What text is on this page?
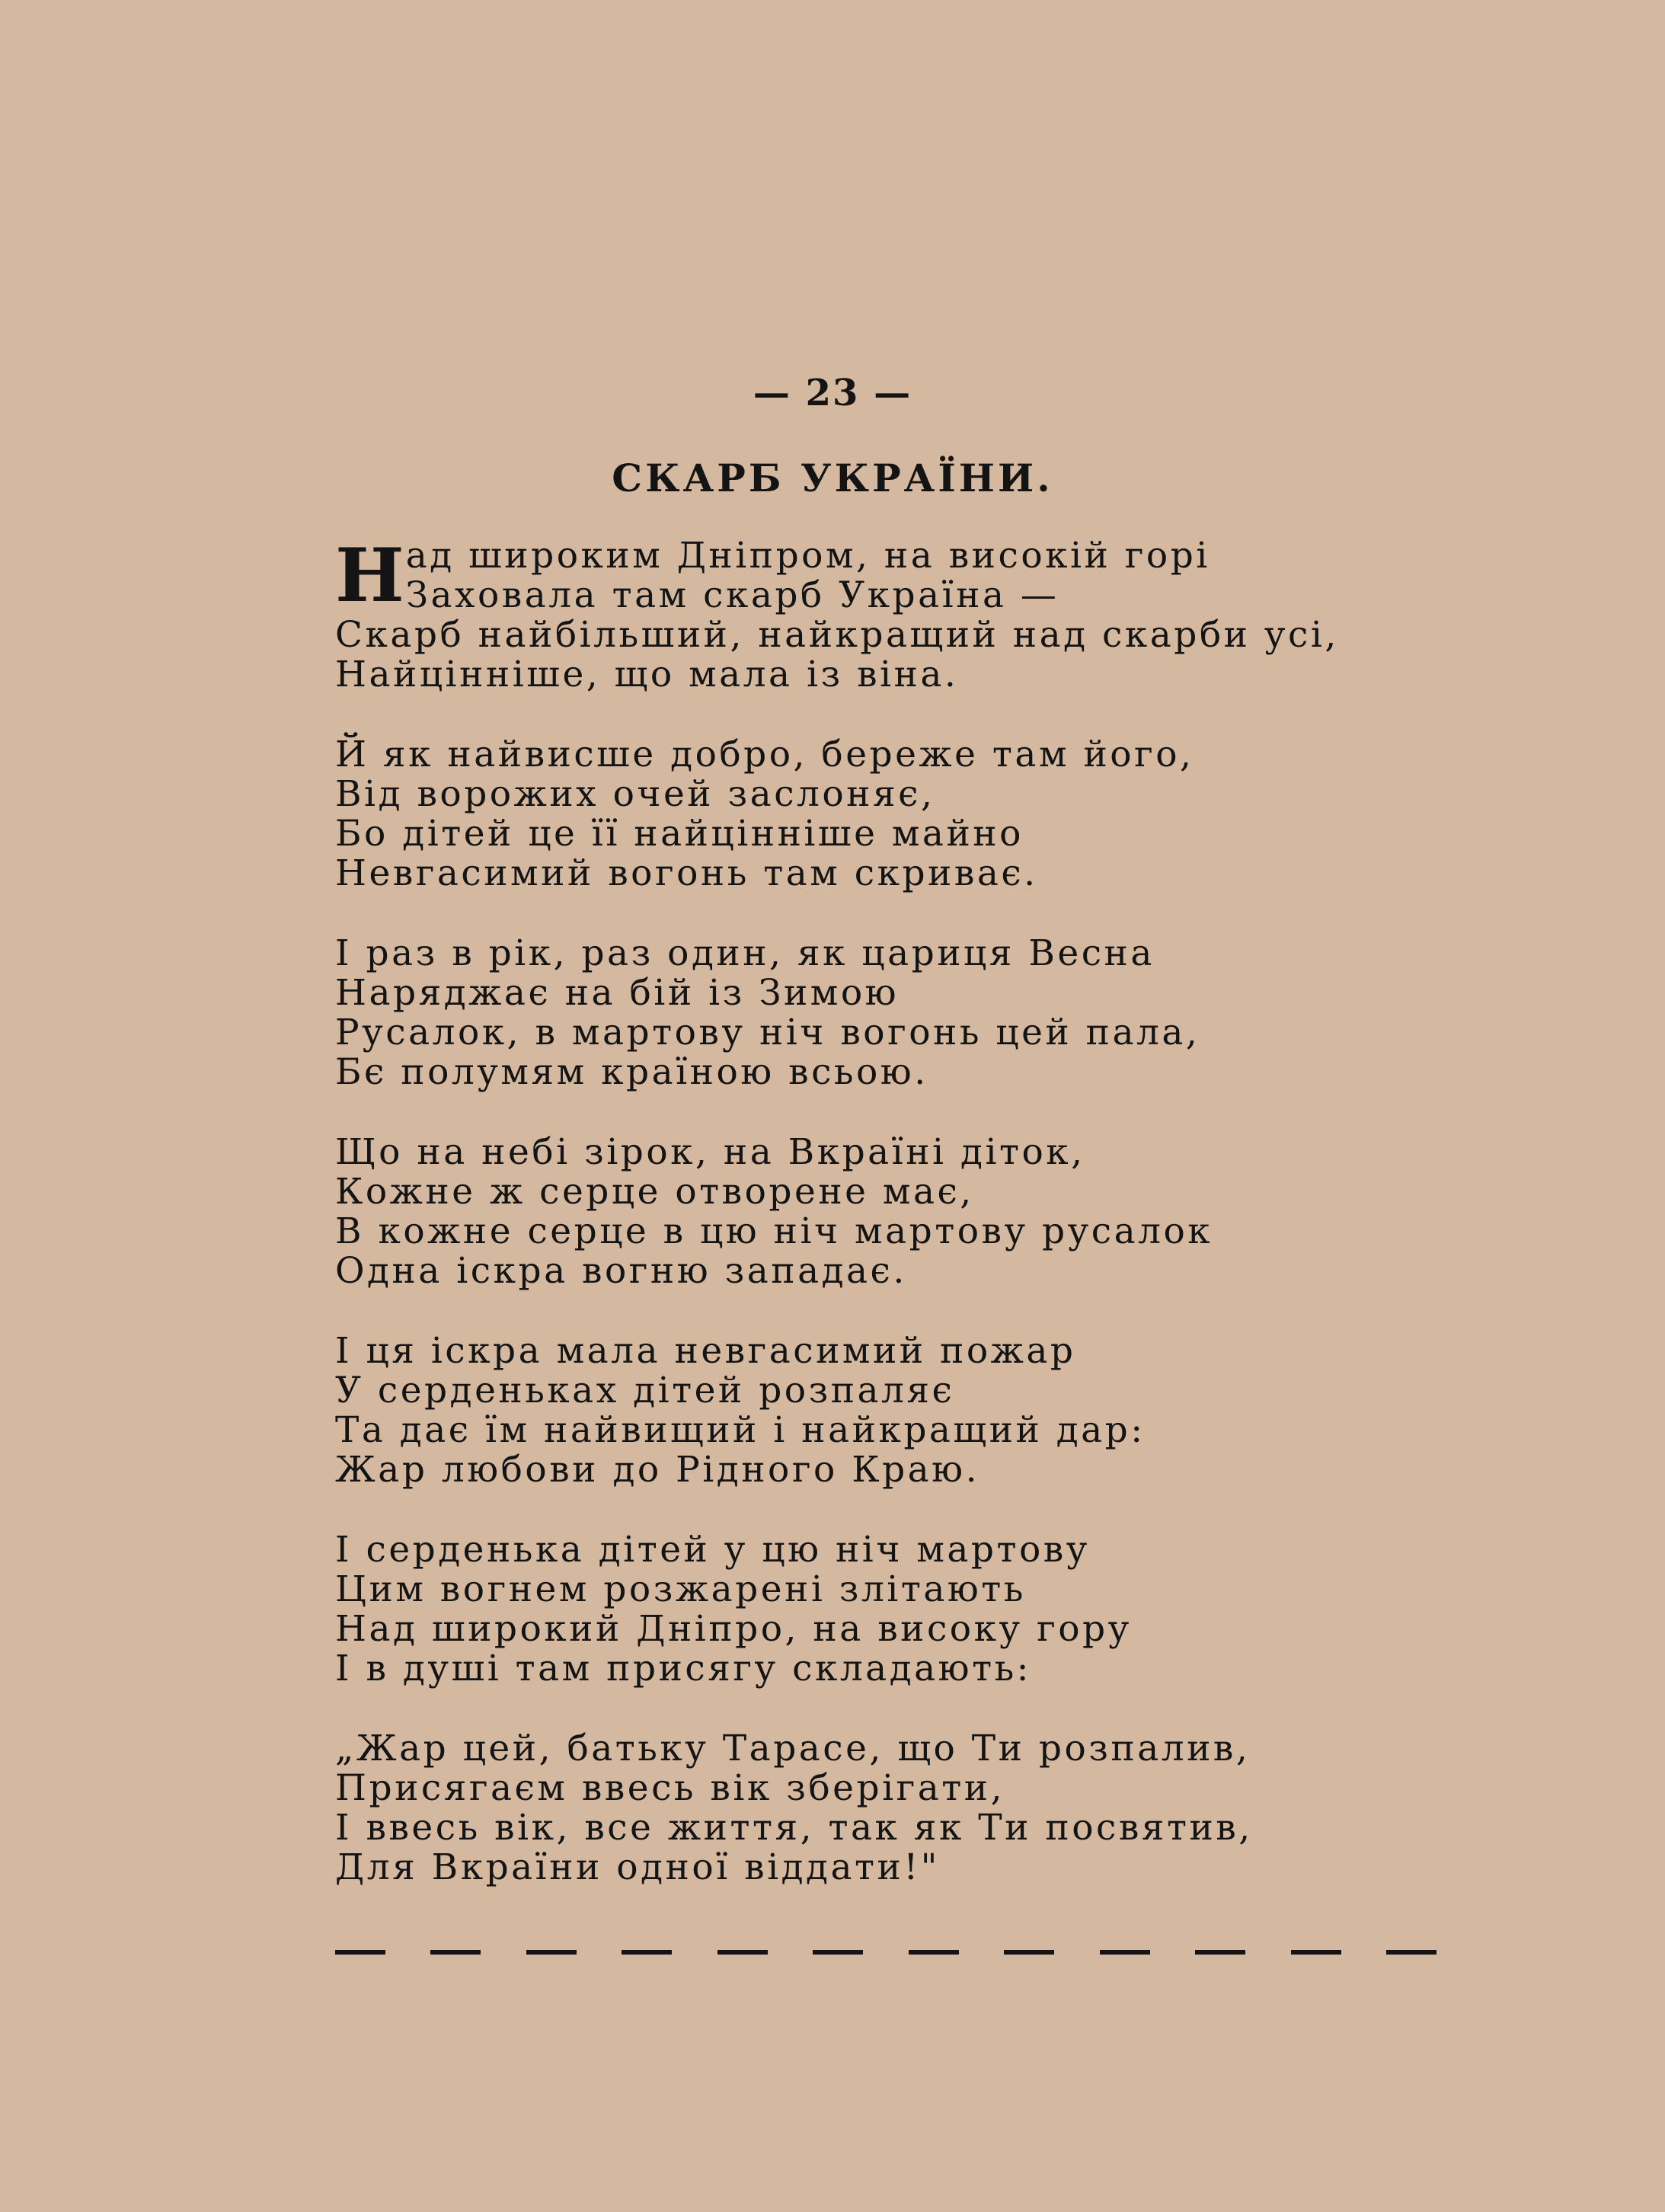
— 23 —
СКАРБ УКРАЇНИ.
Н ад широким Дніпром, на високій горі
Заховала там скарб Україна —
Скарб найбільший, найкращий над скарби усі,
Найцінніше, що мала із віна.
Й як найвисше добро, береже там його,
Від ворожих очей заслоняє,
Бо дітей це її найцінніше майно
Невгасимий вогонь там скриває.
І раз в рік, раз один, як цариця Весна
Наряджає на бій із Зимою
Русалок, в мартову ніч вогонь цей пала,
Бє полумям країною всьою.
Що на небі зірок, на Вкраїні діток,
Кожне ж серце отворене має,
В кожне серце в цю ніч мартову русалок
Одна іскра вогню западає.
І ця іскра мала невгасимий пожар
У серденьках дітей розпаляє
Та дає їм найвищий і найкращий дар:
Жар любови до Рідного Краю.
І серденька дітей у цю ніч мартову
Цим вогнем розжарені злітають
Над широкий Дніпро, на високу гору
І в душі там присягу складають:
„Жар цей, батьку Тарасе, що Ти розпалив,
Присягаєм ввесь вік зберігати,
І ввесь вік, все життя, так як Ти посвятив,
Для Вкраїни одної віддати!"
